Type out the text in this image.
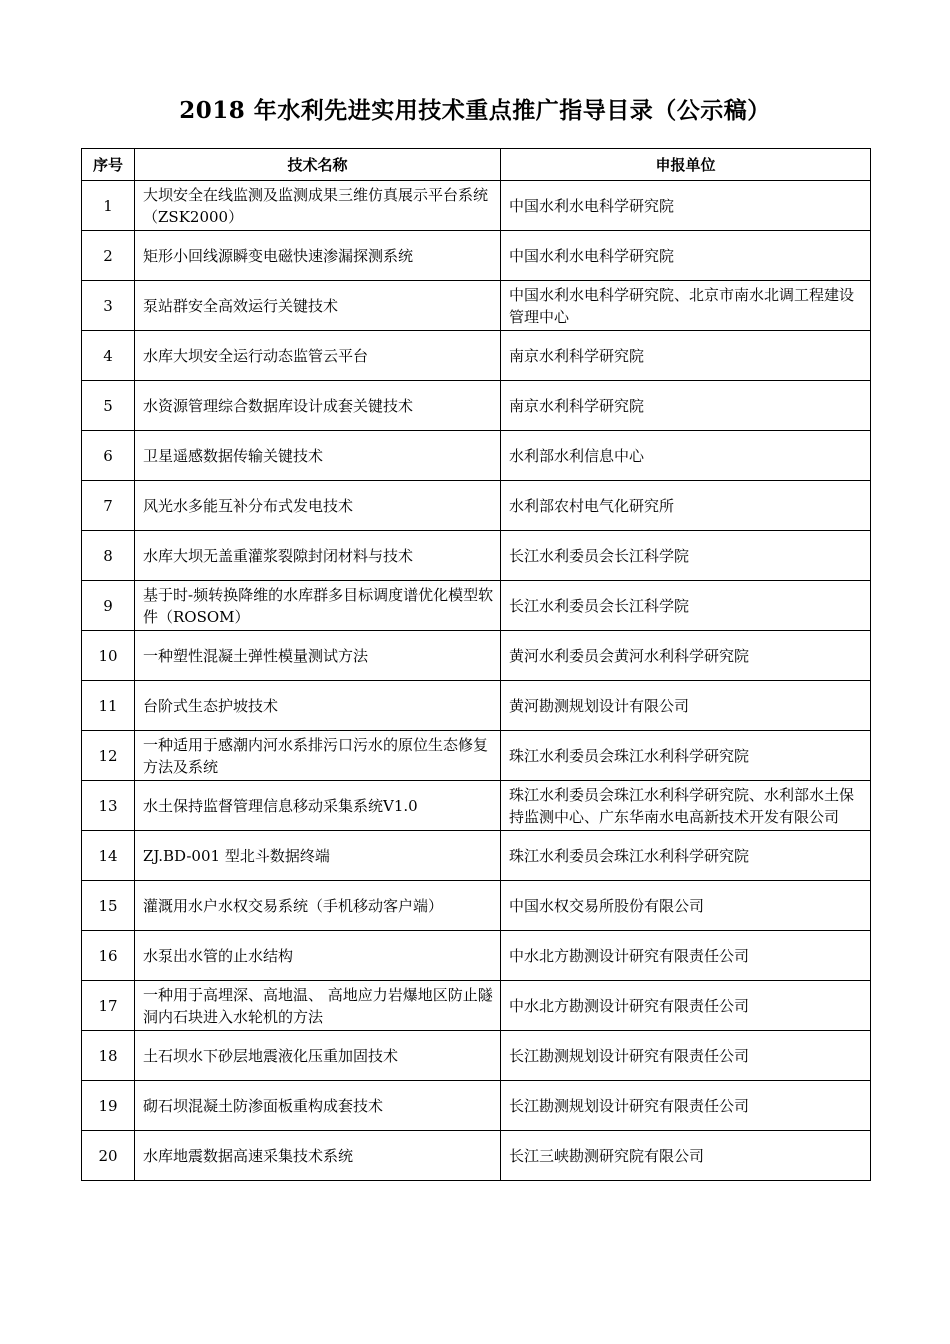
2018 年水利先进实用技术重点推广指导目录（公示稿）
序号	技术名称	申报单位
1	大坝安全在线监测及监测成果三维仿真展示平台系统（ZSK2000）	中国水利水电科学研究院
2	矩形小回线源瞬变电磁快速渗漏探测系统	中国水利水电科学研究院
3	泵站群安全高效运行关键技术	中国水利水电科学研究院、北京市南水北调工程建设管理中心
4	水库大坝安全运行动态监管云平台	南京水利科学研究院
5	水资源管理综合数据库设计成套关键技术	南京水利科学研究院
6	卫星遥感数据传输关键技术	水利部水利信息中心
7	风光水多能互补分布式发电技术	水利部农村电气化研究所
8	水库大坝无盖重灌浆裂隙封闭材料与技术	长江水利委员会长江科学院
9	基于时-频转换降维的水库群多目标调度谱优化模型软件（ROSOM）	长江水利委员会长江科学院
10	一种塑性混凝土弹性模量测试方法	黄河水利委员会黄河水利科学研究院
11	台阶式生态护坡技术	黄河勘测规划设计有限公司
12	一种适用于感潮内河水系排污口污水的原位生态修复方法及系统	珠江水利委员会珠江水利科学研究院
13	水土保持监督管理信息移动采集系统V1.0	珠江水利委员会珠江水利科学研究院、水利部水土保持监测中心、广东华南水电高新技术开发有限公司
14	ZJ.BD-001 型北斗数据终端	珠江水利委员会珠江水利科学研究院
15	灌溉用水户水权交易系统（手机移动客户端）	中国水权交易所股份有限公司
16	水泵出水管的止水结构	中水北方勘测设计研究有限责任公司
17	一种用于高埋深、高地温、 高地应力岩爆地区防止隧洞内石块进入水轮机的方法	中水北方勘测设计研究有限责任公司
18	土石坝水下砂层地震液化压重加固技术	长江勘测规划设计研究有限责任公司
19	砌石坝混凝土防渗面板重构成套技术	长江勘测规划设计研究有限责任公司
20	水库地震数据高速采集技术系统	长江三峡勘测研究院有限公司
